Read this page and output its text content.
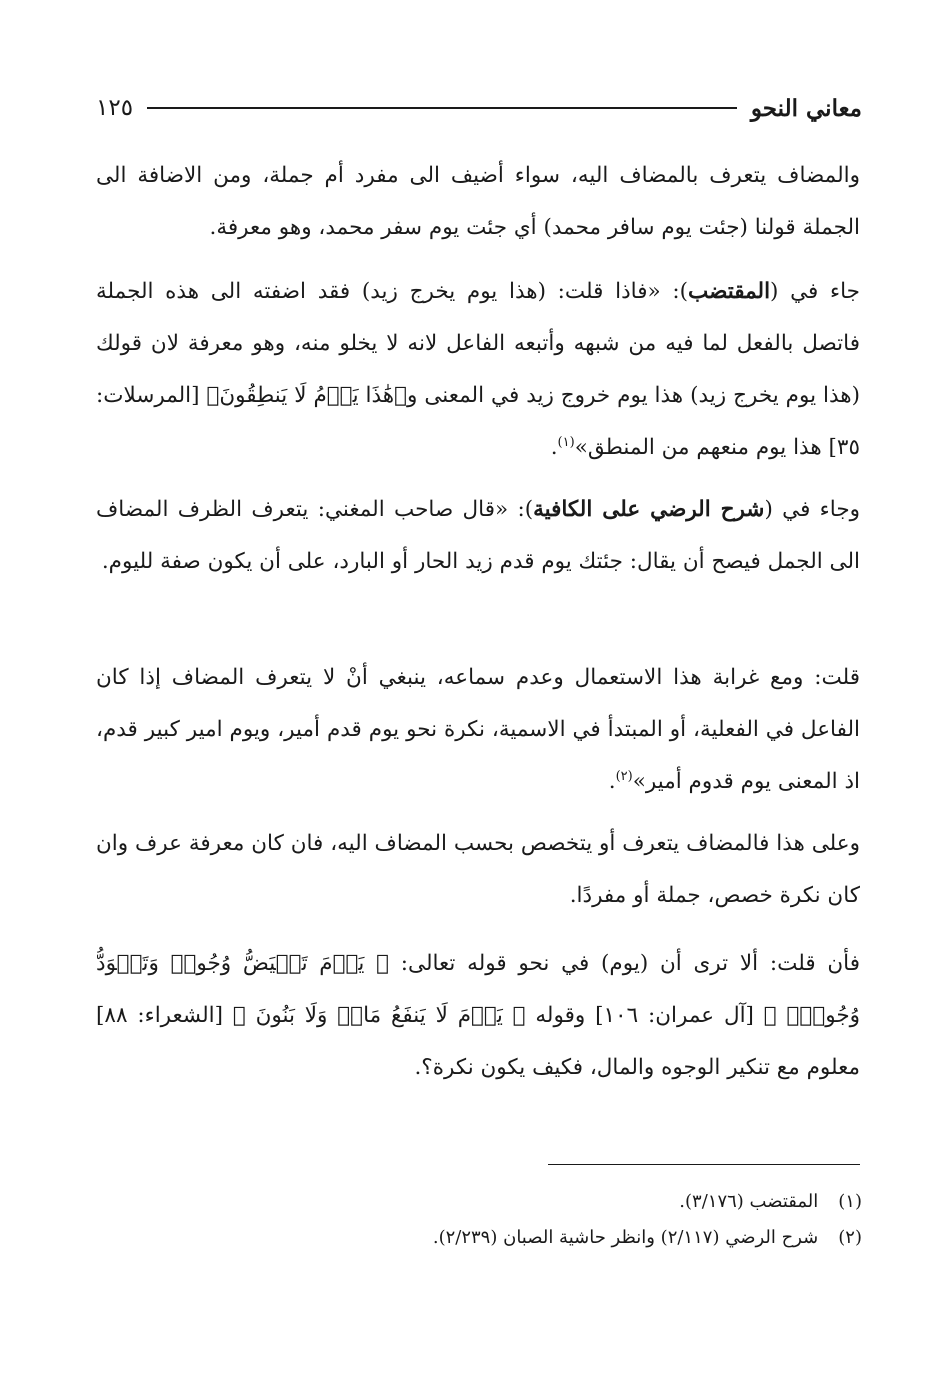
معاني النحو
١٢٥

والمضاف يتعرف بالمضاف اليه، سواء أضيف الى مفرد أم جملة، ومن الاضافة الى الجملة قولنا (جئت يوم سافر محمد) أي جئت يوم سفر محمد، وهو معرفة.

جاء في (المقتضب): «فاذا قلت: (هذا يوم يخرج زيد) فقد اضفته الى هذه الجملة فاتصل بالفعل لما فيه من شبهه وأتبعه الفاعل لانه لا يخلو منه، وهو معرفة لان قولك (هذا يوم يخرج زيد) هذا يوم خروج زيد في المعنى و﴿هَٰذَا يَوۡمُ لَا يَنطِقُونَ﴾ [المرسلات: ٣٥] هذا يوم منعهم من المنطق»$^{(١)}$.

وجاء في (شرح الرضي على الكافية): «قال صاحب المغني: يتعرف الظرف المضاف الى الجمل فيصح أن يقال: جئتك يوم قدم زيد الحار أو البارد، على أن يكون صفة لليوم.

قلت: ومع غرابة هذا الاستعمال وعدم سماعه، ينبغي أنْ لا يتعرف المضاف إذا كان الفاعل في الفعلية، أو المبتدأ في الاسمية، نكرة نحو يوم قدم أمير، ويوم امير كبير قدم، اذ المعنى يوم قدوم أمير»$^{(٢)}$.

وعلى هذا فالمضاف يتعرف أو يتخصص بحسب المضاف اليه، فان كان معرفة عرف وان كان نكرة خصص، جملة أو مفردًا.

فأن قلت: ألا ترى أن (يوم) في نحو قوله تعالى: ﴿ يَوۡمَ تَبۡيَضُّ وُجُوهٞ وَتَسۡوَدُّ وُجُوهٞۚ ﴾ [آل عمران: ١٠٦] وقوله ﴿ يَوۡمَ لَا يَنفَعُ مَالٞ وَلَا بَنُونَ ﴾ [الشعراء: ٨٨] معلوم مع تنكير الوجوه والمال، فكيف يكون نكرة؟.

(١)المقتضب (٣/١٧٦).
(٢)شرح الرضي (٢/١١٧) وانظر حاشية الصبان (٢/٢٣٩).
